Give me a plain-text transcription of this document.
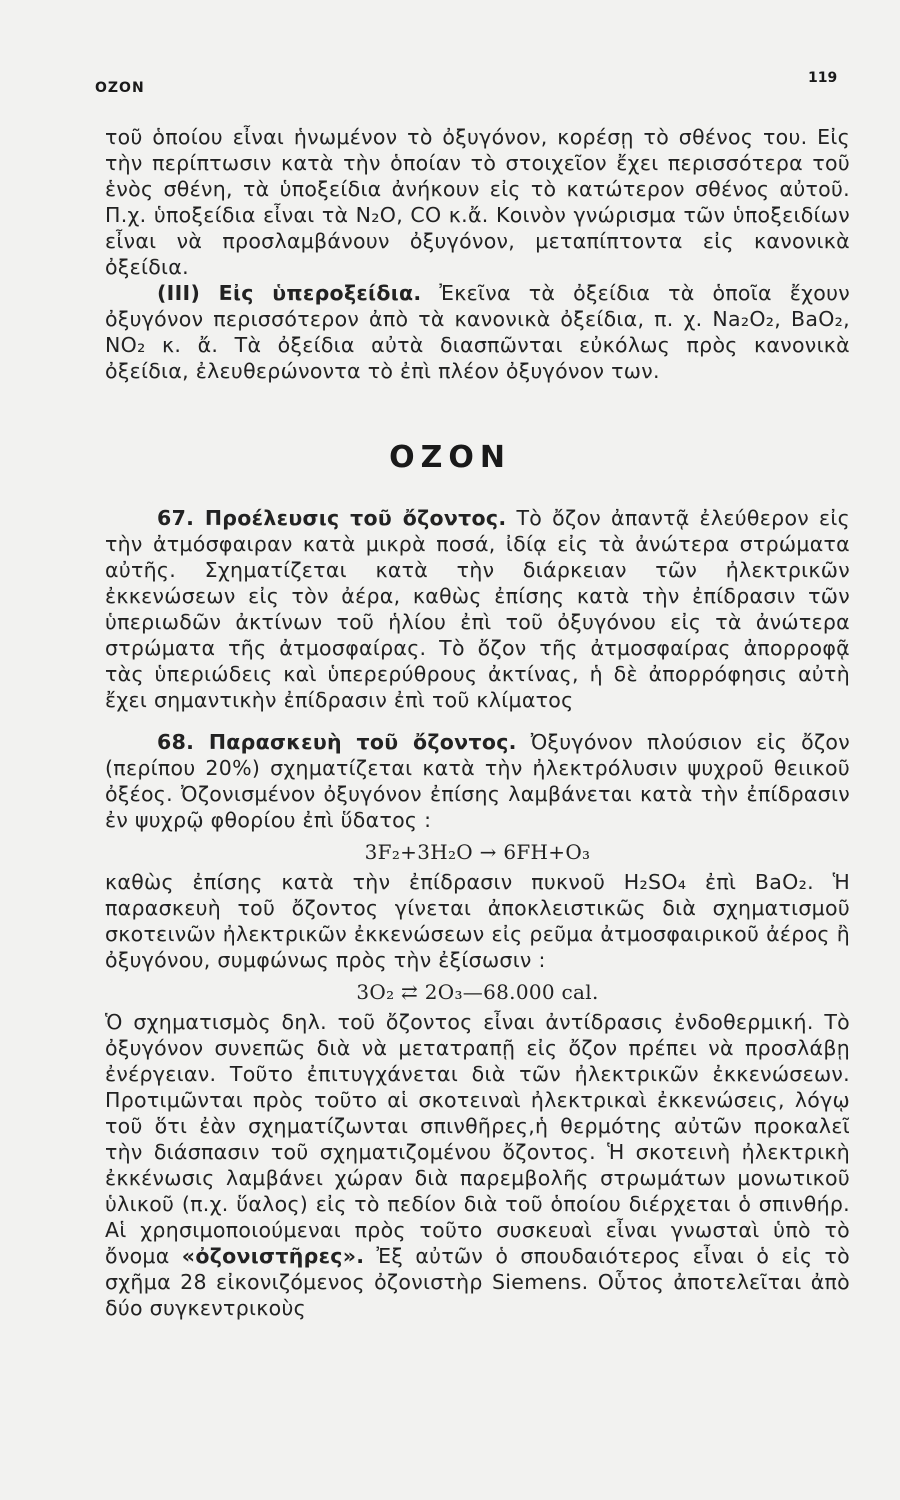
OZON
119

τοῦ ὁποίου εἶναι ἡνωμένον τὸ ὀξυγόνον, κορέσῃ τὸ σθένος του. Εἰς τὴν περίπτωσιν κατὰ τὴν ὁποίαν τὸ στοιχεῖον ἔχει περισσότερα τοῦ ἑνὸς σθένη, τὰ ὑποξείδια ἀνήκουν εἰς τὸ κατώτερον σθένος αὐτοῦ. Π.χ. ὑποξείδια εἶναι τὰ N₂O, CO κ.ἄ. Κοινὸν γνώρισμα τῶν ὑποξειδίων εἶναι νὰ προσλαμβάνουν ὀξυγόνον, μεταπίπτοντα εἰς κανονικὰ ὀξείδια.

(III) Εἰς ὑπεροξείδια. Ἐκεῖνα τὰ ὀξείδια τὰ ὁποῖα ἔχουν ὀξυγόνον περισσότερον ἀπὸ τὰ κανονικὰ ὀξείδια, π. χ. Na₂O₂, BaO₂, NO₂ κ. ἄ. Τὰ ὀξείδια αὐτὰ διασπῶνται εὐκόλως πρὸς κανονικὰ ὀξείδια, ἐλευθερώνοντα τὸ ἐπὶ πλέον ὀξυγόνον των.

OZON

67. Προέλευσις τοῦ ὄζοντος. Τὸ ὄζον ἀπαντᾷ ἐλεύθερον εἰς τὴν ἀτμόσφαιραν κατὰ μικρὰ ποσά, ἰδίᾳ εἰς τὰ ἀνώτερα στρώματα αὐτῆς. Σχηματίζεται κατὰ τὴν διάρκειαν τῶν ἠλεκτρικῶν ἐκκενώσεων εἰς τὸν ἀέρα, καθὼς ἐπίσης κατὰ τὴν ἐπίδρασιν τῶν ὑπεριωδῶν ἀκτίνων τοῦ ἡλίου ἐπὶ τοῦ ὀξυγόνου εἰς τὰ ἀνώτερα στρώματα τῆς ἀτμοσφαίρας. Τὸ ὄζον τῆς ἀτμοσφαίρας ἀπορροφᾷ τὰς ὑπεριώδεις καὶ ὑπερερύθρους ἀκτίνας, ἡ δὲ ἀπορρόφησις αὐτὴ ἔχει σημαντικὴν ἐπίδρασιν ἐπὶ τοῦ κλίματος

68. Παρασκευὴ τοῦ ὄζοντος. Ὀξυγόνον πλούσιον εἰς ὄζον (περίπου 20%) σχηματίζεται κατὰ τὴν ἠλεκτρόλυσιν ψυχροῦ θειικοῦ ὀξέος. Ὀζονισμένον ὀξυγόνον ἐπίσης λαμβάνεται κατὰ τὴν ἐπίδρασιν ἐν ψυχρῷ φθορίου ἐπὶ ὕδατος :

3F₂+3H₂O → 6FH+O₃

καθὼς ἐπίσης κατὰ τὴν ἐπίδρασιν πυκνοῦ H₂SO₄ ἐπὶ BaO₂. Ἡ παρασκευὴ τοῦ ὄζοντος γίνεται ἀποκλειστικῶς διὰ σχηματισμοῦ σκοτεινῶν ἠλεκτρικῶν ἐκκενώσεων εἰς ρεῦμα ἀτμοσφαιρικοῦ ἀέρος ἢ ὀξυγόνου, συμφώνως πρὸς τὴν ἐξίσωσιν :

3O₂ ⇄ 2O₃—68.000 cal.

Ὁ σχηματισμὸς δηλ. τοῦ ὄζοντος εἶναι ἀντίδρασις ἐνδοθερμική. Τὸ ὀξυγόνον συνεπῶς διὰ νὰ μετατραπῇ εἰς ὄζον πρέπει νὰ προσλάβῃ ἐνέργειαν. Τοῦτο ἐπιτυγχάνεται διὰ τῶν ἠλεκτρικῶν ἐκκενώσεων. Προτιμῶνται πρὸς τοῦτο αἱ σκοτειναὶ ἠλεκτρικαὶ ἐκκενώσεις, λόγῳ τοῦ ὅτι ἐὰν σχηματίζωνται σπινθῆρες,ἡ θερμότης αὐτῶν προκαλεῖ τὴν διάσπασιν τοῦ σχηματιζομένου ὄζοντος. Ἡ σκοτεινὴ ἠλεκτρικὴ ἐκκένωσις λαμβάνει χώραν διὰ παρεμβολῆς στρωμάτων μονωτικοῦ ὑλικοῦ (π.χ. ὕαλος) εἰς τὸ πεδίον διὰ τοῦ ὁποίου διέρχεται ὁ σπινθήρ. Αἱ χρησιμοποιούμεναι πρὸς τοῦτο συσκευαὶ εἶναι γνωσταὶ ὑπὸ τὸ ὄνομα «ὀζονιστῆρες». Ἐξ αὐτῶν ὁ σπουδαιότερος εἶναι ὁ εἰς τὸ σχῆμα 28 εἰκονιζόμενος ὀζονιστὴρ Siemens. Οὗτος ἀποτελεῖται ἀπὸ δύο συγκεντρικοὺς
